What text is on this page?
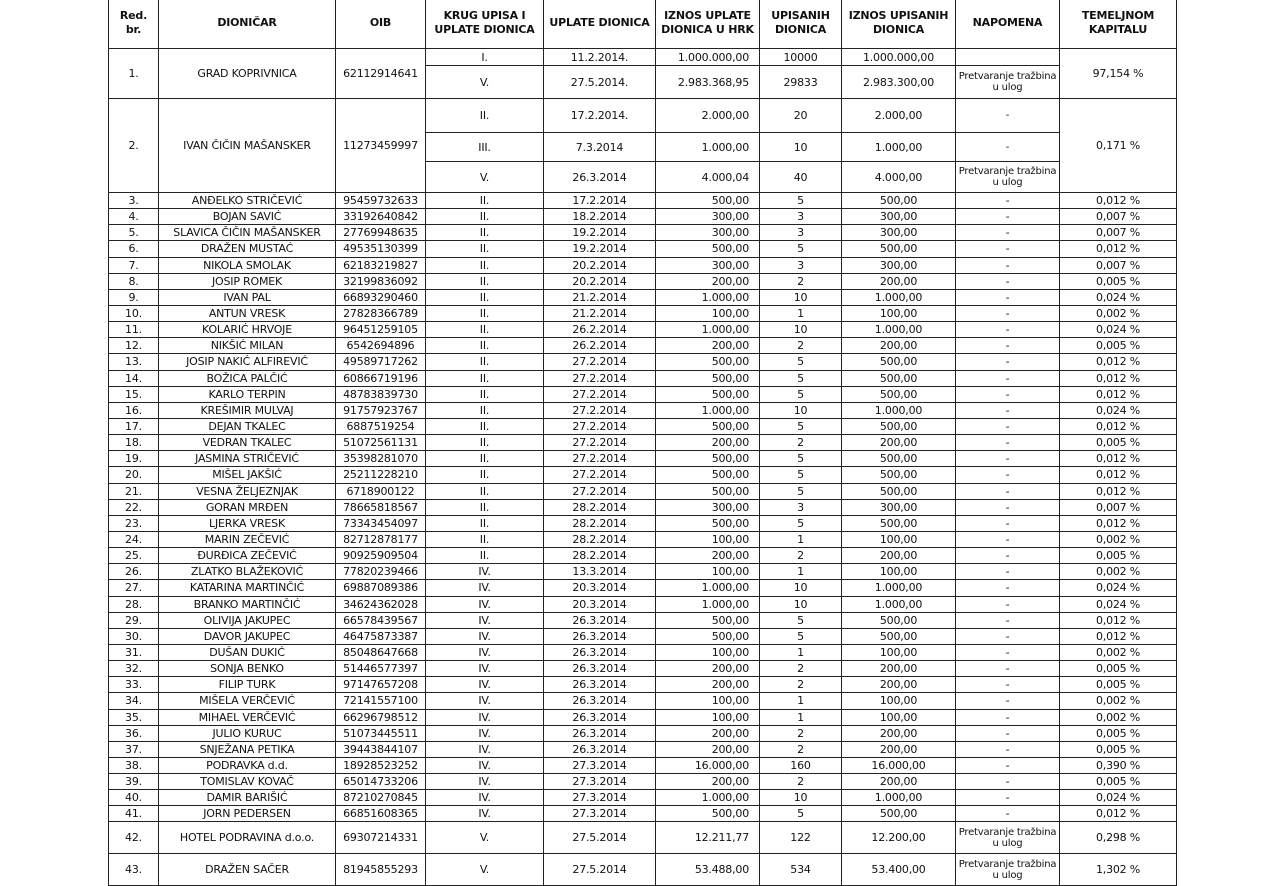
Red. br.	DIONIČAR	OIB	KRUG UPISA I UPLATE DIONICA	UPLATE DIONICA	IZNOS UPLATE DIONICA U HRK	UPISANIH DIONICA	IZNOS UPISANIH DIONICA	NAPOMENA	TEMELJNOM KAPITALU
1.	GRAD KOPRIVNICA	62112914641	I.	11.2.2014.	1.000.000,00	10000	1.000.000,00		97,154 %
			V.	27.5.2014.	2.983.368,95	29833	2.983.300,00	Pretvaranje tražbina u ulog	
2.	IVAN ČIČIN MAŠANSKER	11273459997	II.	17.2.2014.	2.000,00	20	2.000,00	-	0,171 %
			III.	7.3.2014	1.000,00	10	1.000,00	-	
			V.	26.3.2014	4.000,04	40	4.000,00	Pretvaranje tražbina u ulog	
3.	ANĐELKO STRIČEVIĆ	95459732633	II.	17.2.2014	500,00	5	500,00	-	0,012 %
4.	BOJAN SAVIĆ	33192640842	II.	18.2.2014	300,00	3	300,00	-	0,007 %
5.	SLAVICA ČIČIN MAŠANSKER	27769948635	II.	19.2.2014	300,00	3	300,00	-	0,007 %
6.	DRAŽEN MUSTAĆ	49535130399	II.	19.2.2014	500,00	5	500,00	-	0,012 %
7.	NIKOLA SMOLAK	62183219827	II.	20.2.2014	300,00	3	300,00	-	0,007 %
8.	JOSIP ROMEK	32199836092	II.	20.2.2014	200,00	2	200,00	-	0,005 %
9.	IVAN PAL	66893290460	II.	21.2.2014	1.000,00	10	1.000,00	-	0,024 %
10.	ANTUN VRESK	27828366789	II.	21.2.2014	100,00	1	100,00	-	0,002 %
11.	KOLARIĆ HRVOJE	96451259105	II.	26.2.2014	1.000,00	10	1.000,00	-	0,024 %
12.	NIKŠIĆ MILAN	6542694896	II.	26.2.2014	200,00	2	200,00	-	0,005 %
13.	JOSIP NAKIĆ ALFIREVIĆ	49589717262	II.	27.2.2014	500,00	5	500,00	-	0,012 %
14.	BOŽICA PALČIĆ	60866719196	II.	27.2.2014	500,00	5	500,00	-	0,012 %
15.	KARLO TERPIN	48783839730	II.	27.2.2014	500,00	5	500,00	-	0,012 %
16.	KREŠIMIR MULVAJ	91757923767	II.	27.2.2014	1.000,00	10	1.000,00	-	0,024 %
17.	DEJAN TKALEC	6887519254	II.	27.2.2014	500,00	5	500,00	-	0,012 %
18.	VEDRAN TKALEC	51072561131	II.	27.2.2014	200,00	2	200,00	-	0,005 %
19.	JASMINA STRIČEVIĆ	35398281070	II.	27.2.2014	500,00	5	500,00	-	0,012 %
20.	MIŠEL JAKŠIĆ	25211228210	II.	27.2.2014	500,00	5	500,00	-	0,012 %
21.	VESNA ŽELJEZNJAK	6718900122	II.	27.2.2014	500,00	5	500,00	-	0,012 %
22.	GORAN MRĐEN	78665818567	II.	28.2.2014	300,00	3	300,00	-	0,007 %
23.	LJERKA VRESK	73343454097	II.	28.2.2014	500,00	5	500,00	-	0,012 %
24.	MARIN ZEČEVIĆ	82712878177	II.	28.2.2014	100,00	1	100,00	-	0,002 %
25.	ĐURĐICA ZEČEVIĆ	90925909504	II.	28.2.2014	200,00	2	200,00	-	0,005 %
26.	ZLATKO BLAŽEKOVIĆ	77820239466	IV.	13.3.2014	100,00	1	100,00	-	0,002 %
27.	KATARINA MARTINČIĆ	69887089386	IV.	20.3.2014	1.000,00	10	1.000,00	-	0,024 %
28.	BRANKO MARTINČIĆ	34624362028	IV.	20.3.2014	1.000,00	10	1.000,00	-	0,024 %
29.	OLIVIJA JAKUPEC	66578439567	IV.	26.3.2014	500,00	5	500,00	-	0,012 %
30.	DAVOR JAKUPEC	46475873387	IV.	26.3.2014	500,00	5	500,00	-	0,012 %
31.	DUŠAN DUKIĆ	85048647668	IV.	26.3.2014	100,00	1	100,00	-	0,002 %
32.	SONJA BENKO	51446577397	IV.	26.3.2014	200,00	2	200,00	-	0,005 %
33.	FILIP TURK	97147657208	IV.	26.3.2014	200,00	2	200,00	-	0,005 %
34.	MIŠELA VERČEVIĆ	72141557100	IV.	26.3.2014	100,00	1	100,00	-	0,002 %
35.	MIHAEL VERČEVIĆ	66296798512	IV.	26.3.2014	100,00	1	100,00	-	0,002 %
36.	JULIO KURUC	51073445511	IV.	26.3.2014	200,00	2	200,00	-	0,005 %
37.	SNJEŽANA PETIKA	39443844107	IV.	26.3.2014	200,00	2	200,00	-	0,005 %
38.	PODRAVKA d.d.	18928523252	IV.	27.3.2014	16.000,00	160	16.000,00	-	0,390 %
39.	TOMISLAV KOVAČ	65014733206	IV.	27.3.2014	200,00	2	200,00	-	0,005 %
40.	DAMIR BARIŠIĆ	87210270845	IV.	27.3.2014	1.000,00	10	1.000,00	-	0,024 %
41.	JORN PEDERSEN	66851608365	IV.	27.3.2014	500,00	5	500,00	-	0,012 %
42.	HOTEL PODRAVINA d.o.o.	69307214331	V.	27.5.2014	12.211,77	122	12.200,00	Pretvaranje tražbina u ulog	0,298 %
43.	DRAŽEN SAČER	81945855293	V.	27.5.2014	53.488,00	534	53.400,00	Pretvaranje tražbina u ulog	1,302 %
